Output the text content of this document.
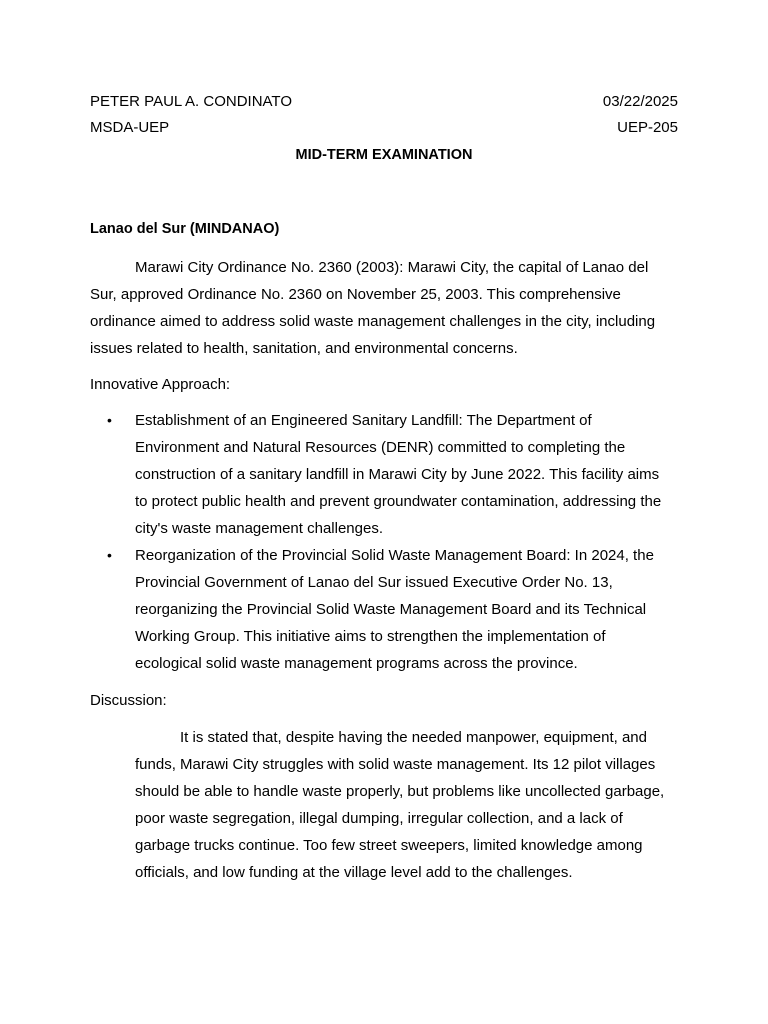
PETER PAUL A. CONDINATO	03/22/2025
MSDA-UEP	UEP-205
MID-TERM EXAMINATION
Lanao del Sur (MINDANAO)

Marawi City Ordinance No. 2360 (2003): Marawi City, the capital of Lanao del Sur, approved Ordinance No. 2360 on November 25, 2003. This comprehensive ordinance aimed to address solid waste management challenges in the city, including issues related to health, sanitation, and environmental concerns.

Innovative Approach:
• Establishment of an Engineered Sanitary Landfill: The Department of Environment and Natural Resources (DENR) committed to completing the construction of a sanitary landfill in Marawi City by June 2022. This facility aims to protect public health and prevent groundwater contamination, addressing the city's waste management challenges.
• Reorganization of the Provincial Solid Waste Management Board: In 2024, the Provincial Government of Lanao del Sur issued Executive Order No. 13, reorganizing the Provincial Solid Waste Management Board and its Technical Working Group. This initiative aims to strengthen the implementation of ecological solid waste management programs across the province.
Discussion:

It is stated that, despite having the needed manpower, equipment, and funds, Marawi City struggles with solid waste management. Its 12 pilot villages should be able to handle waste properly, but problems like uncollected garbage, poor waste segregation, illegal dumping, irregular collection, and a lack of garbage trucks continue. Too few street sweepers, limited knowledge among officials, and low funding at the village level add to the challenges.
